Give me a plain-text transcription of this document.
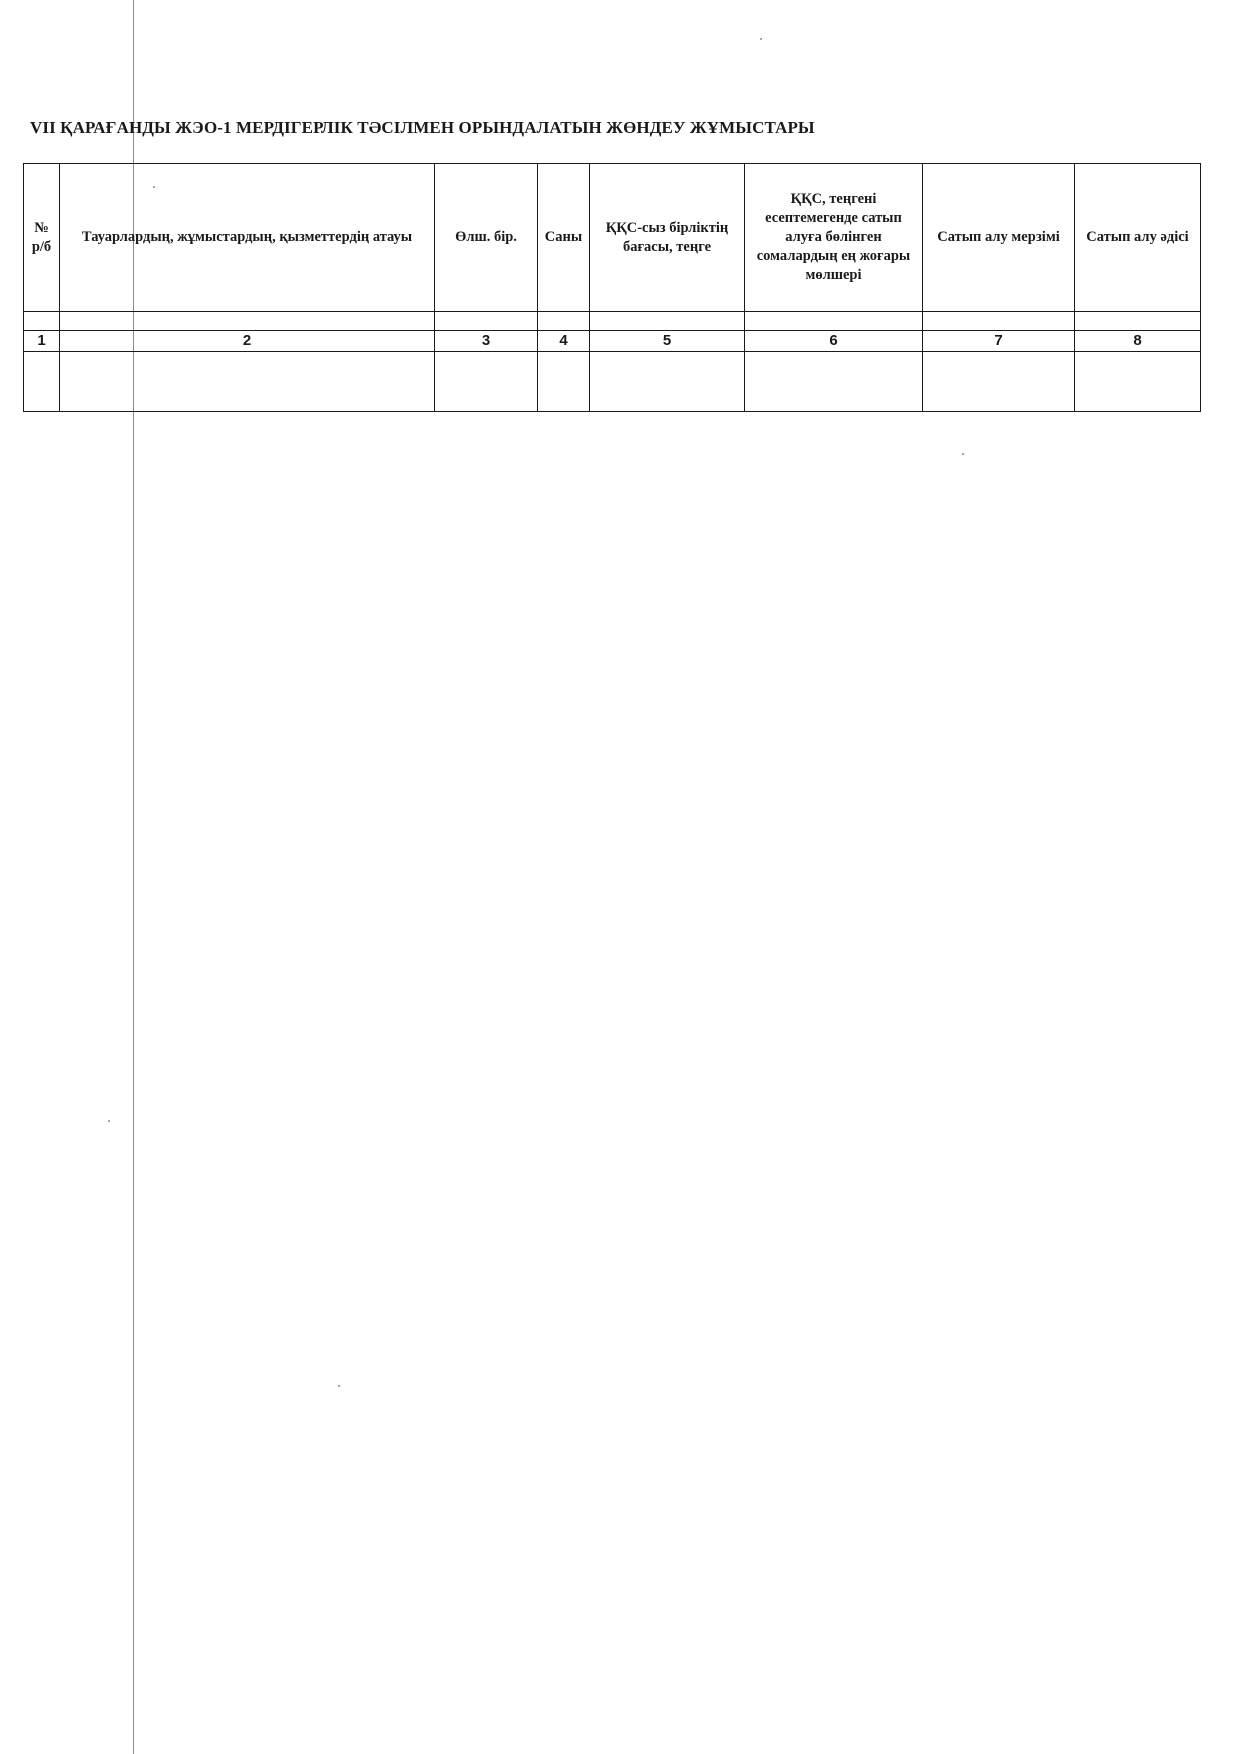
VII ҚАРАҒАНДЫ ЖЭО-1 МЕРДІГЕРЛІК ТӘСІЛМЕН ОРЫНДАЛАТЫН ЖӨНДЕУ ЖҰМЫСТАРЫ
№
р/б	Тауарлардың, жұмыстардың, қызметтердің атауы	Өлш. бір.	Саны	ҚҚС-сыз бірліктің бағасы, теңге	ҚҚС, теңгені есептемегенде сатып алуға бөлінген сомалардың ең жоғары мөлшері	Сатып алу мерзімі	Сатып алу әдісі

1	2	3	4	5	6	7	8
